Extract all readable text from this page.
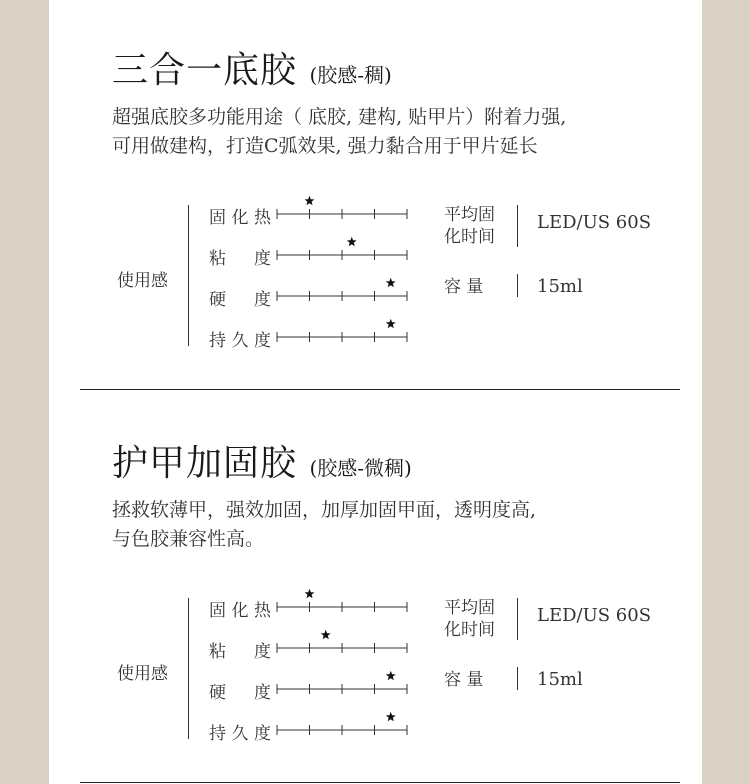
三合一底胶 (胶感-稠)

超强底胶多功能用途（ 底胶, 建构, 贴甲片）附着力强,
可用做建构，打造C弧效果, 强力黏合用于甲片延长

使用感
固化热
粘 度
硬 度
持久度
平均固
化时间
LED/US 60S
容 量	15ml
护甲加固胶 (胶感-微稠)

拯救软薄甲，强效加固，加厚加固甲面，透明度高,
与色胶兼容性高。

使用感
固化热
粘 度
硬 度
持久度
平均固
化时间
LED/US 60S
容 量	15ml
